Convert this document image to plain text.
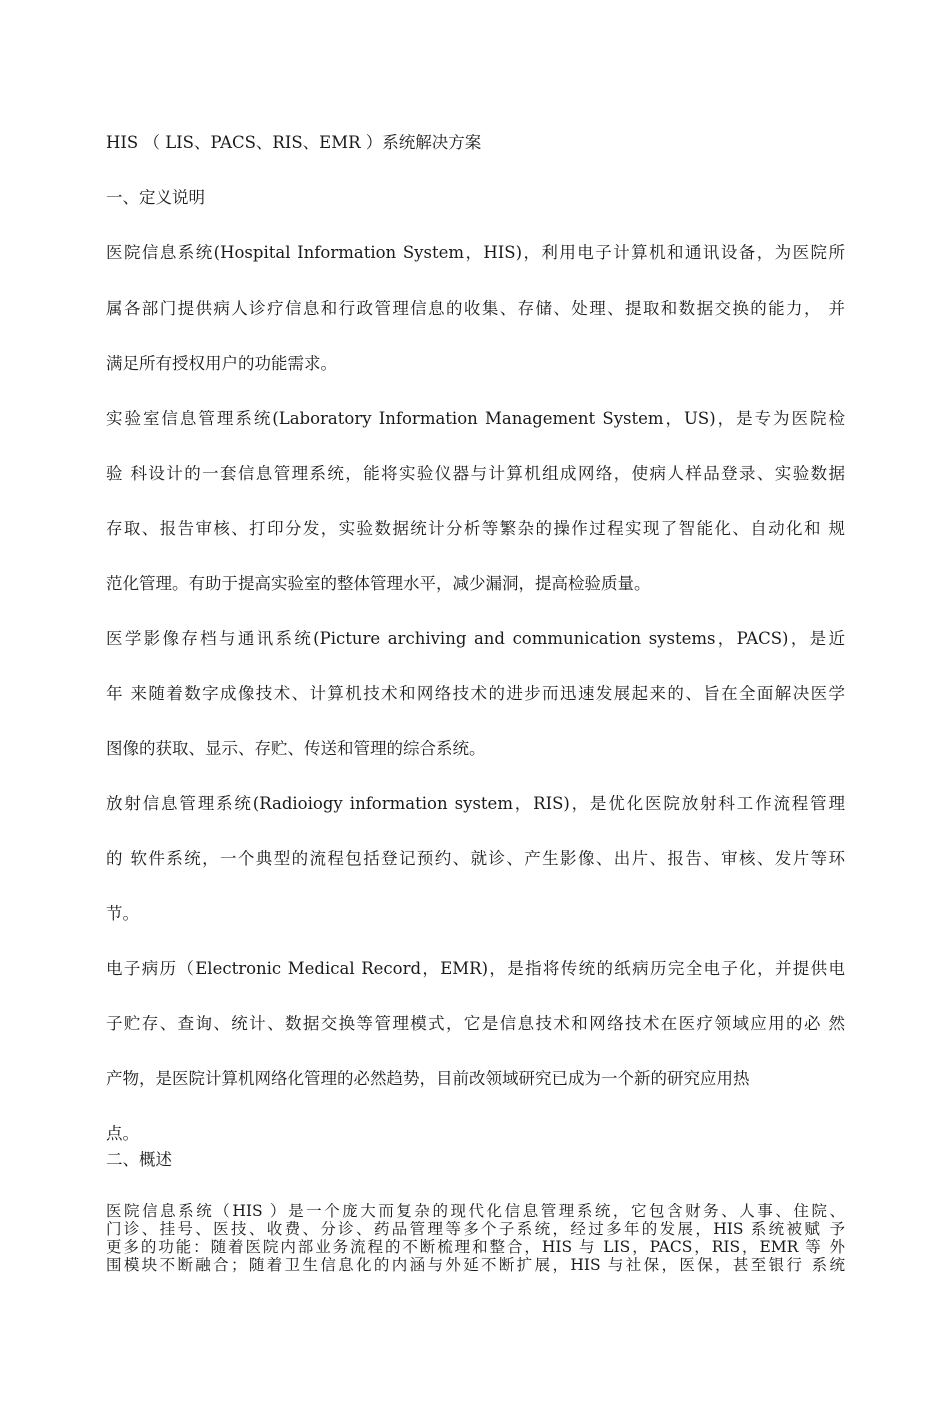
HIS （ LIS、PACS、RIS、EMR ）系统解决方案
一、定义说明
医院信息系统(Hospital Information System，HIS)，利用电子计算机和通讯设备，为医院所
属各部门提供病人诊疗信息和行政管理信息的收集、存储、处理、提取和数据交换的能力， 并
满足所有授权用户的功能需求。
实验室信息管理系统(Laboratory Information Management System，US)，是专为医院检
验 科设计的一套信息管理系统，能将实验仪器与计算机组成网络，使病人样品登录、实验数据
存取、报告审核、打印分发，实验数据统计分析等繁杂的操作过程实现了智能化、自动化和 规
范化管理。有助于提高实验室的整体管理水平，减少漏洞，提高检验质量。
医学影像存档与通讯系统(Picture archiving and communication systems，PACS)，是近
年 来随着数字成像技术、计算机技术和网络技术的进步而迅速发展起来的、旨在全面解决医学
图像的获取、显示、存贮、传送和管理的综合系统。
放射信息管理系统(Radioiogy information system，RIS)，是优化医院放射科工作流程管理
的 软件系统，一个典型的流程包括登记预约、就诊、产生影像、出片、报告、审核、发片等环
节。
电子病历（Electronic Medical Record，EMR)，是指将传统的纸病历完全电子化，并提供电
子贮存、查询、统计、数据交换等管理模式，它是信息技术和网络技术在医疗领域应用的必 然
产物，是医院计算机网络化管理的必然趋势，目前改领域研究已成为一个新的研究应用热
点。
二、概述
医院信息系统（HIS ）是一个庞大而复杂的现代化信息管理系统，它包含财务、人事、住院、
门诊、挂号、医技、收费、分诊、药品管理等多个子系统，经过多年的发展，HIS 系统被赋 予
更多的功能：随着医院内部业务流程的不断梳理和整合，HIS 与 LIS，PACS，RIS，EMR 等 外
围模块不断融合；随着卫生信息化的内涵与外延不断扩展，HIS 与社保，医保，甚至银行 系统
